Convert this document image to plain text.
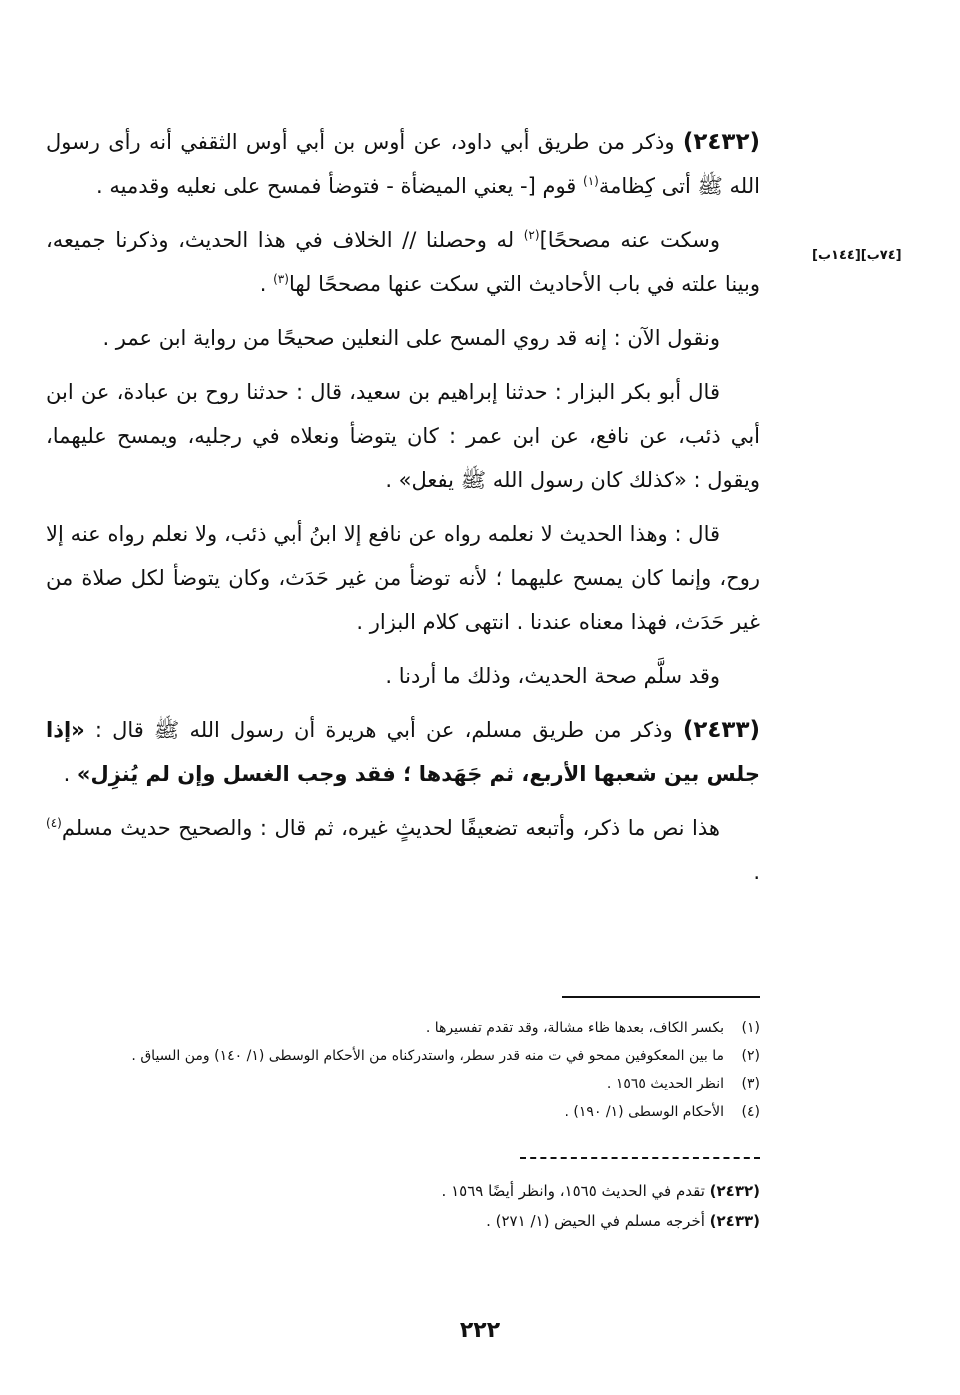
[٧٤ب][١٤٤ب]
(٢٤٣٢) وذكر من طريق أبي داود، عن أوس بن أبي أوس الثقفي أنه رأى رسول الله ﷺ أتى كِظامة$^{(١)}$ قوم [- يعني الميضأة - فتوضأ فمسح على نعليه وقدميه .
وسكت عنه مصححًا]$^{(٢)}$ له وحصلنا // الخلاف في هذا الحديث، وذكرنا جميعه، وبينا علته في باب الأحاديث التي سكت عنها مصححًا لها$^{(٣)}$ .
ونقول الآن : إنه قد روي المسح على النعلين صحيحًا من رواية ابن عمر .
قال أبو بكر البزار : حدثنا إبراهيم بن سعيد، قال : حدثنا روح بن عبادة، عن ابن أبي ذئب، عن نافع، عن ابن عمر : كان يتوضأ ونعلاه في رجليه، ويمسح عليهما، ويقول : «كذلك كان رسول الله ﷺ يفعل» .
قال : وهذا الحديث لا نعلمه رواه عن نافع إلا ابنُ أبي ذئب، ولا نعلم رواه عنه إلا روح، وإنما كان يمسح عليهما ؛ لأنه توضأ من غير حَدَث، وكان يتوضأ لكل صلاة من غير حَدَث، فهذا معناه عندنا . انتهى كلام البزار .
وقد سلَّم صحة الحديث، وذلك ما أردنا .
(٢٤٣٣) وذكر من طريق مسلم، عن أبي هريرة أن رسول الله ﷺ قال : «إذا جلس بين شعبها الأربع، ثم جَهَدها ؛ فقد وجب الغسل وإن لم يُنزِل» .
هذا نص ما ذكر، وأتبعه تضعيفًا لحديثٍ غيره، ثم قال : والصحيح حديث مسلم$^{(٤)}$ .
(١)بكسر الكاف، بعدها ظاء مشالة، وقد تقدم تفسيرها .
(٢)ما بين المعكوفين ممحو في ت منه قدر سطر، واستدركناه من الأحكام الوسطى (١/ ١٤٠) ومن السياق .
(٣)انظر الحديث ١٥٦٥ .
(٤)الأحكام الوسطى (١/ ١٩٠) .
(٢٤٣٢) تقدم في الحديث ١٥٦٥، وانظر أيضًا ١٥٦٩ .
(٢٤٣٣) أخرجه مسلم في الحيض (١/ ٢٧١) .
٢٢٢
